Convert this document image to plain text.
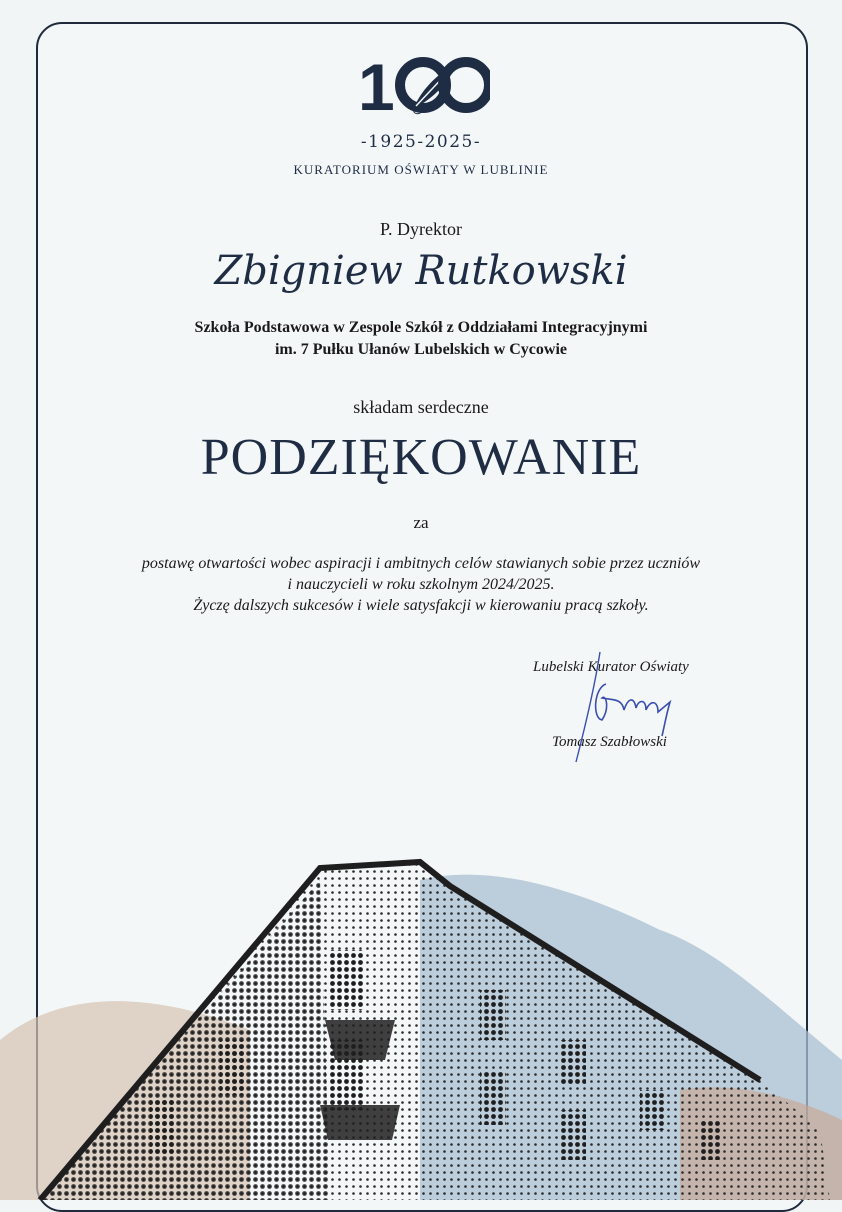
1
-1925-2025-
KURATORIUM OŚWIATY W LUBLINIE
P. Dyrektor
Zbigniew Rutkowski
Szkoła Podstawowa w Zespole Szkół z Oddziałami Integracyjnymi
im. 7 Pułku Ułanów Lubelskich w Cycowie
składam serdeczne
PODZIĘKOWANIE
za
postawę otwartości wobec aspiracji i ambitnych celów stawianych sobie przez uczniów
i nauczycieli w roku szkolnym 2024/2025.
Życzę dalszych sukcesów i wiele satysfakcji w kierowaniu pracą szkoły.
Lubelski Kurator Oświaty
Tomasz Szabłowski
